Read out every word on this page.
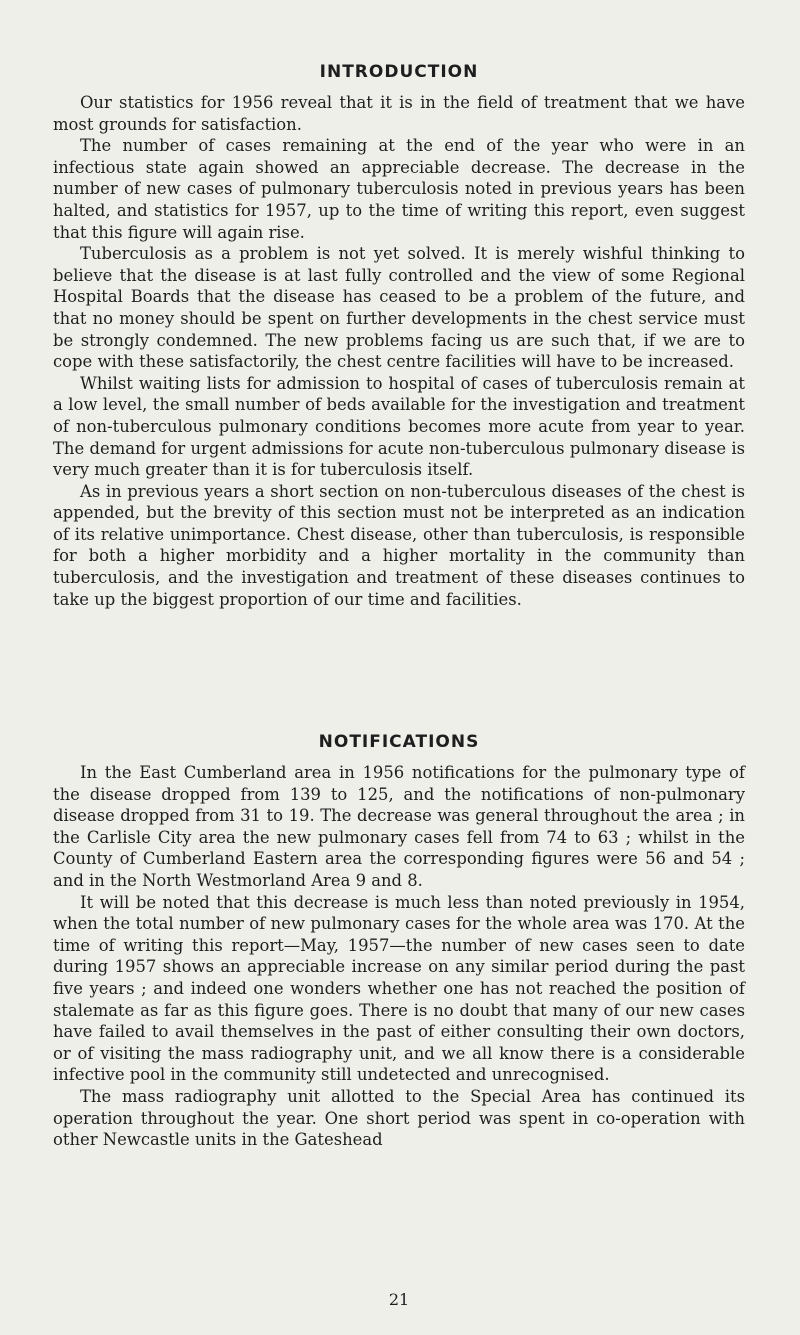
INTRODUCTION

Our statistics for 1956 reveal that it is in the field of treatment that we have most grounds for satisfaction.

The number of cases remaining at the end of the year who were in an infectious state again showed an appreciable decrease. The decrease in the number of new cases of pulmonary tuberculosis noted in previous years has been halted, and statistics for 1957, up to the time of writing this report, even suggest that this figure will again rise.

Tuberculosis as a problem is not yet solved. It is merely wishful thinking to believe that the disease is at last fully controlled and the view of some Regional Hospital Boards that the disease has ceased to be a problem of the future, and that no money should be spent on further developments in the chest service must be strongly condemned. The new problems facing us are such that, if we are to cope with these satisfactorily, the chest centre facilities will have to be increased.

Whilst waiting lists for admission to hospital of cases of tuberculosis remain at a low level, the small number of beds available for the investigation and treatment of non-tuberculous pulmonary conditions becomes more acute from year to year. The demand for urgent admissions for acute non-tuberculous pulmonary disease is very much greater than it is for tuberculosis itself.

As in previous years a short section on non-tuberculous diseases of the chest is appended, but the brevity of this section must not be interpreted as an indication of its relative unimportance. Chest disease, other than tuberculosis, is responsible for both a higher morbidity and a higher mortality in the community than tuberculosis, and the investigation and treatment of these diseases continues to take up the biggest proportion of our time and facilities.

NOTIFICATIONS

In the East Cumberland area in 1956 notifications for the pulmonary type of the disease dropped from 139 to 125, and the notifications of non-pulmonary disease dropped from 31 to 19. The decrease was general throughout the area ; in the Carlisle City area the new pulmonary cases fell from 74 to 63 ; whilst in the County of Cumberland Eastern area the corresponding figures were 56 and 54 ; and in the North Westmorland Area 9 and 8.

It will be noted that this decrease is much less than noted previously in 1954, when the total number of new pulmonary cases for the whole area was 170. At the time of writing this report—May, 1957—the number of new cases seen to date during 1957 shows an appreciable increase on any similar period during the past five years ; and indeed one wonders whether one has not reached the position of stalemate as far as this figure goes. There is no doubt that many of our new cases have failed to avail themselves in the past of either consulting their own doctors, or of visiting the mass radiography unit, and we all know there is a considerable infective pool in the community still undetected and unrecognised.

The mass radiography unit allotted to the Special Area has continued its operation throughout the year. One short period was spent in co-operation with other Newcastle units in the Gateshead

21
